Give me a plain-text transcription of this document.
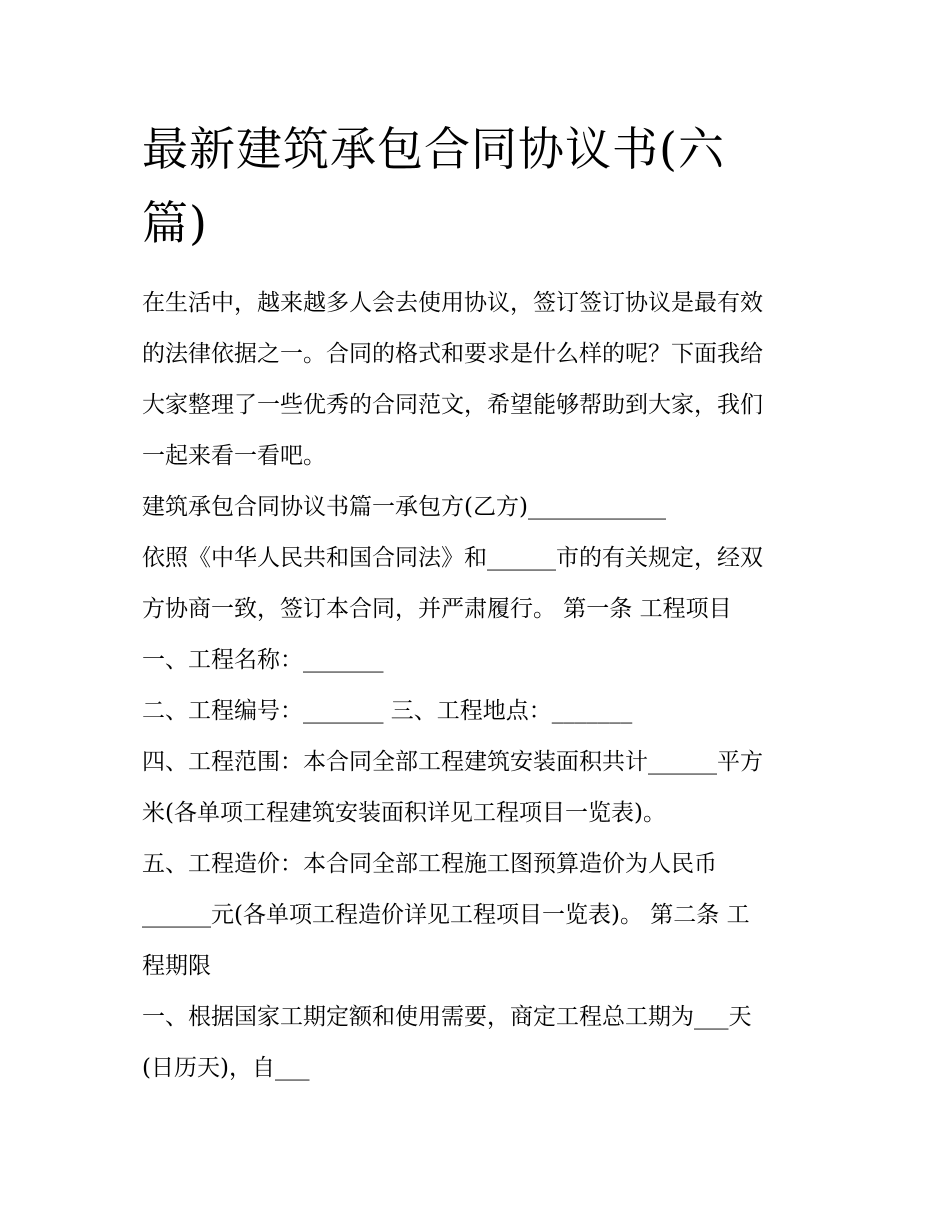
最新建筑承包合同协议书(六
篇)

在生活中，越来越多人会去使用协议，签订签订协议是最有效

的法律依据之一。合同的格式和要求是什么样的呢？下面我给

大家整理了一些优秀的合同范文，希望能够帮助到大家，我们

一起来看一看吧。

建筑承包合同协议书篇一承包方(乙方)____________

依照《中华人民共和国合同法》和______市的有关规定，经双

方协商一致，签订本合同，并严肃履行。 第一条 工程项目

一、工程名称：_______

二、工程编号：_______ 三、工程地点：_______

四、工程范围：本合同全部工程建筑安装面积共计______平方

米(各单项工程建筑安装面积详见工程项目一览表)。

五、工程造价：本合同全部工程施工图预算造价为人民币

______元(各单项工程造价详见工程项目一览表)。 第二条 工

程期限

一、根据国家工期定额和使用需要，商定工程总工期为___天

(日历天)，自___
